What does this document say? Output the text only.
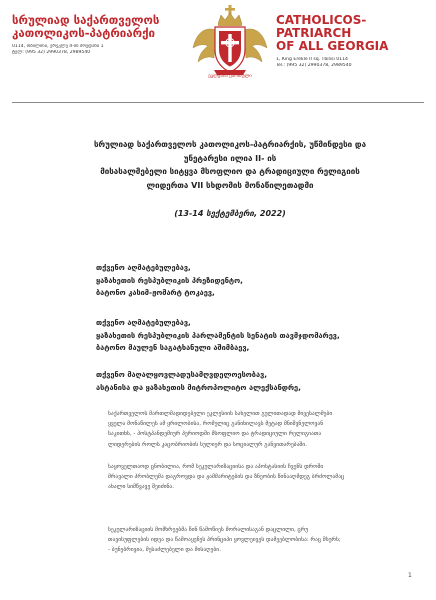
სრულიად საქართველოს

კათოლიკოს-პატრიარქი

0114, თბილისი, ერეკლე II-ის მოედანი 1
ტელ: (995 32) 2990378, 2989540
ეკლესია ქართული

CATHOLICOS-PATRIARCH

OF ALL GEORGIA

1, King Erekle II sq. Tbilisi 0114
Tel.: (995 32) 2990378, 2989540
სრულიად საქართველოს კათოლიკოს-პატრიარქის, უწმინდესი და
უნეტარესი ილია II- ის
მისასალმებელი სიტყვა მსოფლიო და ტრადიციული რელიგიის
ლიდერთა VII სხდომის მონაწილეთადმი
(13-14 სექტემბერი, 2022)
თქვენო აღმატებულებავ,
ყაზახეთის რესპუბლიკის პრეზიდენტო,
ბატონო კასიმ-ჟომარტ ტოკაევ,
თქვენო აღმატებულებავ,
ყაზახეთის რესპუბლიკის პარლამენტის სენატის თავმჯდომარევ,
ბატონო მაულენ საგატხანული აშიმბაევ,
თქვენო მაღალყოვლადუსამღვდელოესობავ,
ასტანისა და ყაზახეთის მიტროპოლიტო ალექსანდრე,
საქართველოს მართლმადიდებელი ეკლესიის სახელით გულითადად მივესალმები
ყველა მონაწილეს ამ ყრილობისა, რომელიც განიხილავს მეტად მნიშვნელოვან
საკითხს, - პოსტპანდემიურ პერიოდში მსოფლიო და ტრადიციული რელიგიათა
ლიდერების როლს კაცობრიობის სულიერ და სოციალურ განვითარებაში.
საყოველთაოდ ცნობილია, რომ სეკულარიზაციისა და აპოსტასიის ჩვენს დროში
მრავალი პრობლემა დაგროვდა და ჟამმარიტების და ზნეობის წინააღმდეგ ბრძოლამაც
ახალი სიმწვავე შეიძინა.
სეკულარიზაციის მომხრეებმა წინ წამოწიეს მორალისაგან დაცლილი, ცრუ
თავისუფლების იდეა და წამოაყენეს პრინციპი ყოვლეივეს დამეებლობისა: რაც მსურს;
- ბუნებრივია, მესაძლებელი და მისაღები.
1
